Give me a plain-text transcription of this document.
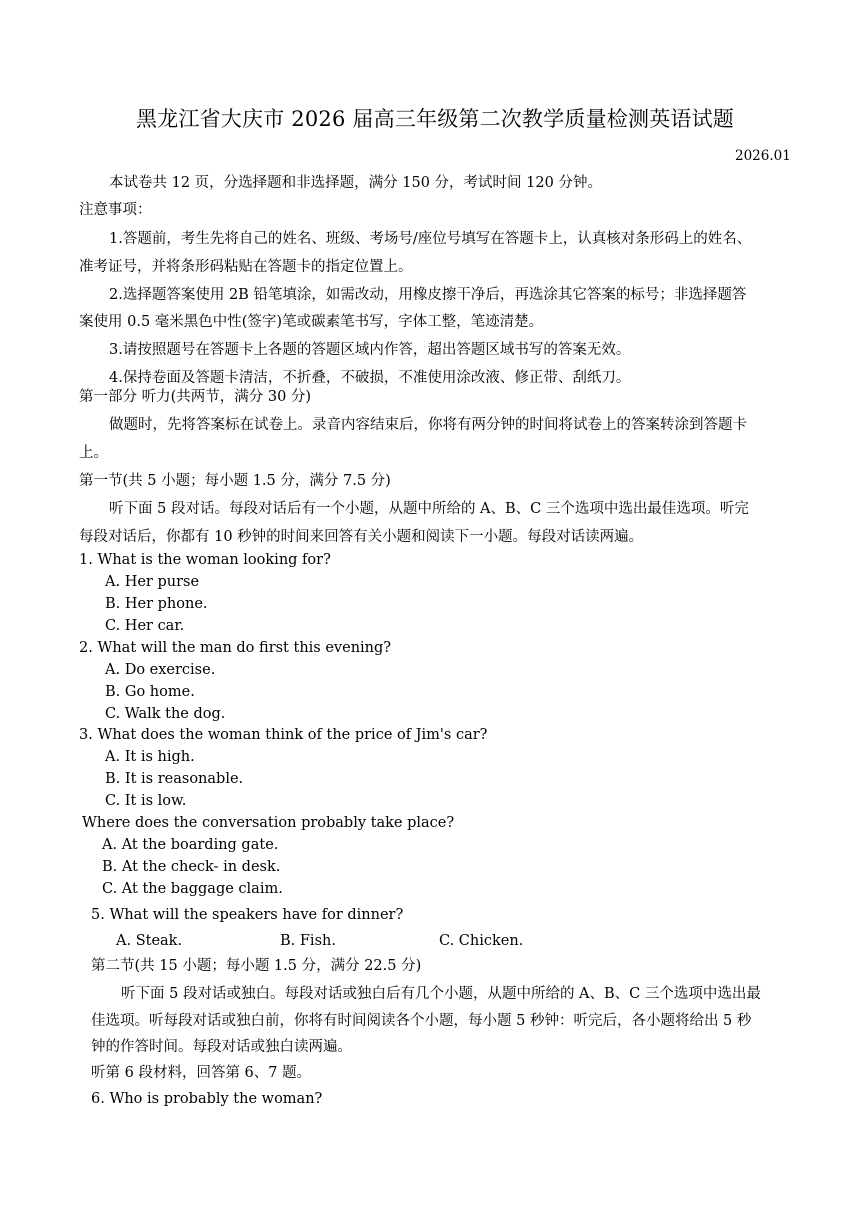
黑龙江省大庆市 2026 届高三年级第二次教学质量检测英语试题
2026.01
本试卷共 12 页，分选择题和非选择题，满分 150 分，考试时间 120 分钟。
注意事项：
1.答题前，考生先将自己的姓名、班级、考场号/座位号填写在答题卡上，认真核对条形码上的姓名、
准考证号，并将条形码粘贴在答题卡的指定位置上。
2.选择题答案使用 2B 铅笔填涂，如需改动，用橡皮擦干净后，再选涂其它答案的标号；非选择题答
案使用 0.5 毫米黑色中性(签字)笔或碳素笔书写，字体工整，笔迹清楚。
3.请按照题号在答题卡上各题的答题区域内作答，超出答题区域书写的答案无效。
4.保持卷面及答题卡清洁，不折叠，不破损，不准使用涂改液、修正带、刮纸刀。
第一部分 听力(共两节，满分 30 分)
做题时，先将答案标在试卷上。录音内容结束后，你将有两分钟的时间将试卷上的答案转涂到答题卡
上。
第一节(共 5 小题；每小题 1.5 分，满分 7.5 分)
听下面 5 段对话。每段对话后有一个小题，从题中所给的 A、B、C 三个选项中选出最佳选项。听完
每段对话后，你都有 10 秒钟的时间来回答有关小题和阅读下一小题。每段对话读两遍。
1. What is the woman looking for?
A. Her purse
B. Her phone.
C. Her car.
2. What will the man do first this evening?
A. Do exercise.
B. Go home.
C. Walk the dog.
3. What does the woman think of the price of Jim's car?
A. It is high.
B. It is reasonable.
C. It is low.
Where does the conversation probably take place?
A. At the boarding gate.
B. At the check- in desk.
C. At the baggage claim.
5. What will the speakers have for dinner?
A. Steak.	B. Fish.	C. Chicken.
第二节(共 15 小题；每小题 1.5 分，满分 22.5 分)
听下面 5 段对话或独白。每段对话或独白后有几个小题，从题中所给的 A、B、C 三个选项中选出最
佳选项。听每段对话或独白前，你将有时间阅读各个小题，每小题 5 秒钟：听完后，各小题将给出 5 秒
钟的作答时间。每段对话或独白读两遍。
听第 6 段材料，回答第 6、7 题。
6. Who is probably the woman?
